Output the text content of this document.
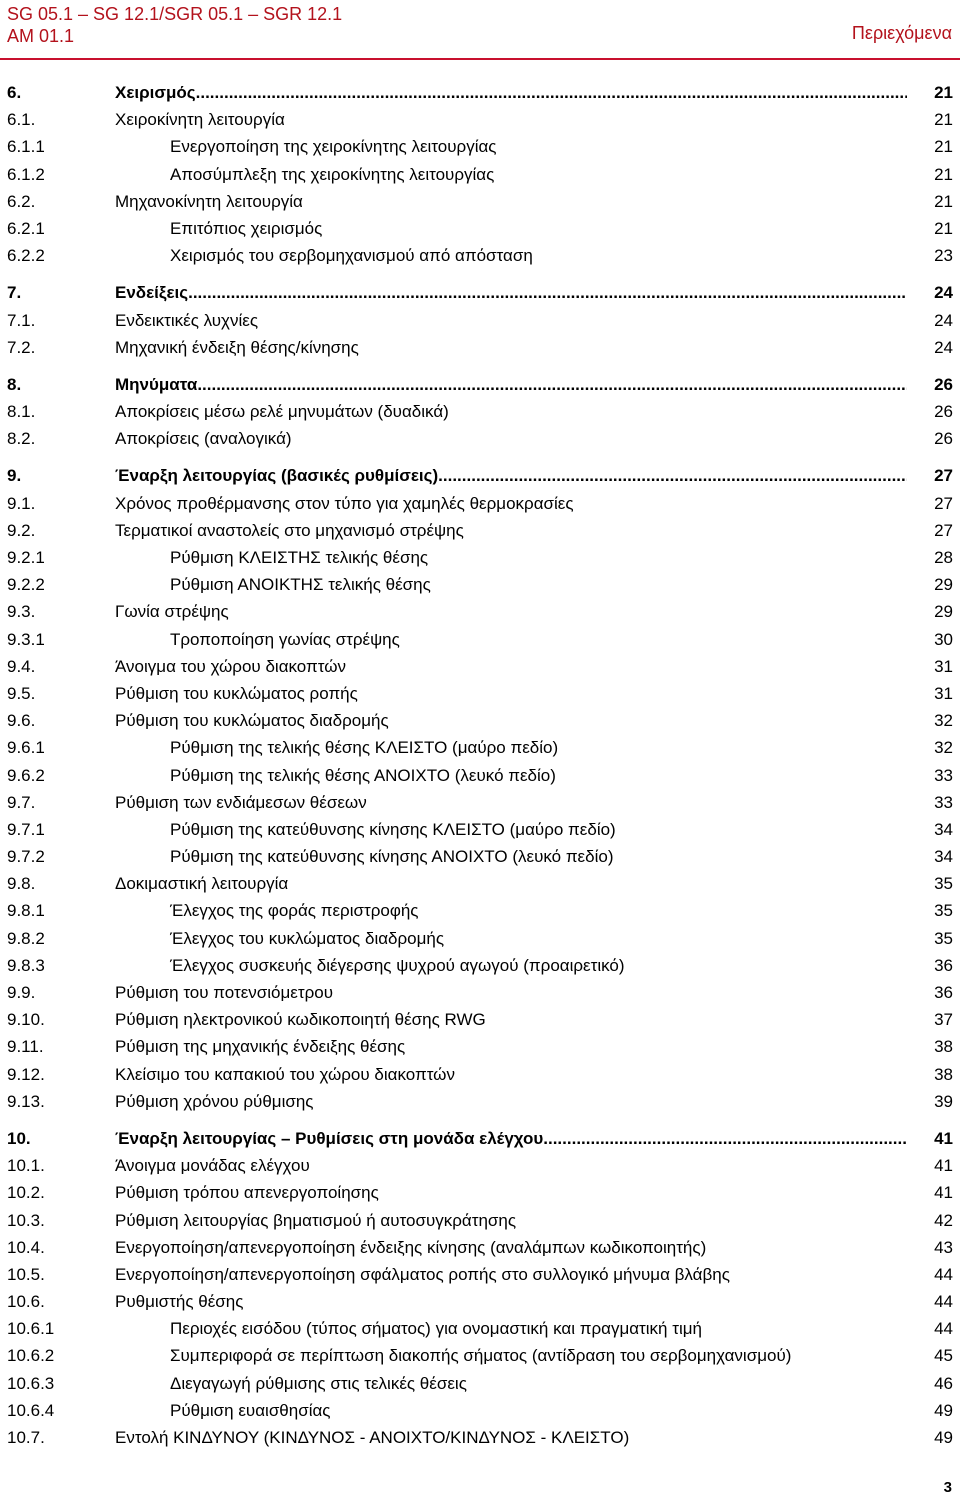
SG 05.1 – SG 12.1/SGR 05.1 – SGR 12.1
AM 01.1	Περιεχόμενα
6.	Χειρισμός .....	21
6.1.	Χειροκίνητη λειτουργία	21
6.1.1	Ενεργοποίηση της χειροκίνητης λειτουργίας	21
6.1.2	Αποσύμπλεξη της χειροκίνητης λειτουργίας	21
6.2.	Μηχανοκίνητη λειτουργία	21
6.2.1	Επιτόπιος χειρισμός	21
6.2.2	Χειρισμός του σερβομηχανισμού από απόσταση	23
7.	Ενδείξεις .....	24
7.1.	Ενδεικτικές λυχνίες	24
7.2.	Μηχανική ένδειξη θέσης/κίνησης	24
8.	Μηνύματα .....	26
8.1.	Αποκρίσεις μέσω ρελέ μηνυμάτων (δυαδικά)	26
8.2.	Αποκρίσεις (αναλογικά)	26
9.	Έναρξη λειτουργίας (βασικές ρυθμίσεις) .....	27
9.1.	Χρόνος προθέρμανσης στον τύπο για χαμηλές θερμοκρασίες	27
9.2.	Τερματικοί αναστολείς στο μηχανισμό στρέψης	27
9.2.1	Ρύθμιση ΚΛΕΙΣΤΗΣ τελικής θέσης	28
9.2.2	Ρύθμιση ΑΝΟΙΚΤΗΣ τελικής θέσης	29
9.3.	Γωνία στρέψης	29
9.3.1	Τροποποίηση γωνίας στρέψης	30
9.4.	Άνοιγμα του χώρου διακοπτών	31
9.5.	Ρύθμιση του κυκλώματος ροπής	31
9.6.	Ρύθμιση του κυκλώματος διαδρομής	32
9.6.1	Ρύθμιση της τελικής θέσης ΚΛΕΙΣΤΟ (μαύρο πεδίο)	32
9.6.2	Ρύθμιση της τελικής θέσης ΑΝΟΙΧΤΟ (λευκό πεδίο)	33
9.7.	Ρύθμιση των ενδιάμεσων θέσεων	33
9.7.1	Ρύθμιση της κατεύθυνσης κίνησης ΚΛΕΙΣΤΟ (μαύρο πεδίο)	34
9.7.2	Ρύθμιση της κατεύθυνσης κίνησης ΑΝΟΙΧΤΟ (λευκό πεδίο)	34
9.8.	Δοκιμαστική λειτουργία	35
9.8.1	Έλεγχος της φοράς περιστροφής	35
9.8.2	Έλεγχος του κυκλώματος διαδρομής	35
9.8.3	Έλεγχος συσκευής διέγερσης ψυχρού αγωγού (προαιρετικό)	36
9.9.	Ρύθμιση του ποτενσιόμετρου	36
9.10.	Ρύθμιση ηλεκτρονικού κωδικοποιητή θέσης RWG	37
9.11.	Ρύθμιση της μηχανικής ένδειξης θέσης	38
9.12.	Κλείσιμο του καπακιού του χώρου διακοπτών	38
9.13.	Ρύθμιση χρόνου ρύθμισης	39
10.	Έναρξη λειτουργίας – Ρυθμίσεις στη μονάδα ελέγχου .....	41
10.1.	Άνοιγμα μονάδας ελέγχου	41
10.2.	Ρύθμιση τρόπου απενεργοποίησης	41
10.3.	Ρύθμιση λειτουργίας βηματισμού ή αυτοσυγκράτησης	42
10.4.	Ενεργοποίηση/απενεργοποίηση ένδειξης κίνησης (αναλάμπων κωδικοποιητής)	43
10.5.	Ενεργοποίηση/απενεργοποίηση σφάλματος ροπής στο συλλογικό μήνυμα βλάβης	44
10.6.	Ρυθμιστής θέσης	44
10.6.1	Περιοχές εισόδου (τύπος σήματος) για ονομαστική και πραγματική τιμή	44
10.6.2	Συμπεριφορά σε περίπτωση διακοπής σήματος (αντίδραση του σερβομηχανισμού)	45
10.6.3	Διεγαγωγή ρύθμισης στις τελικές θέσεις	46
10.6.4	Ρύθμιση ευαισθησίας	49
10.7.	Εντολή ΚΙΝΔΥΝΟΥ (ΚΙΝΔΥΝΟΣ - ΑΝΟΙΧΤΟ/ΚΙΝΔΥΝΟΣ - ΚΛΕΙΣΤΟ)	49
3
